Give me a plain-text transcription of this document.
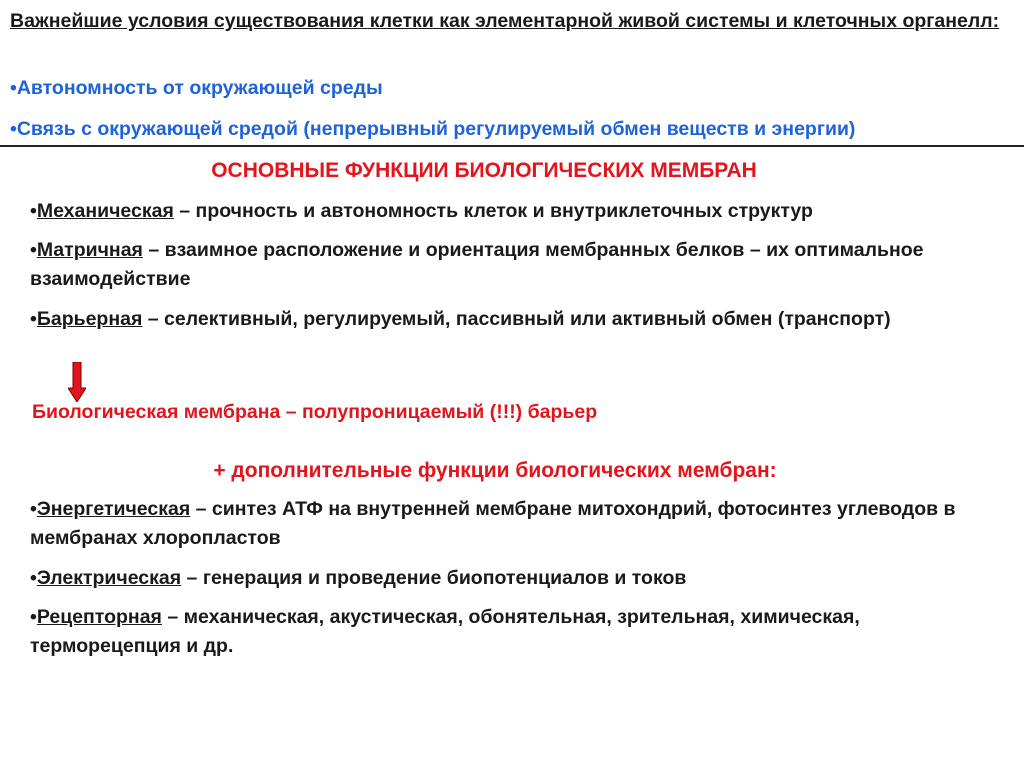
Важнейшие условия существования клетки как элементарной живой системы и клеточных органелл:
•Автономность от окружающей среды
•Связь с окружающей средой (непрерывный регулируемый обмен веществ и энергии)
ОСНОВНЫЕ ФУНКЦИИ БИОЛОГИЧЕСКИХ МЕМБРАН
•Механическая – прочность и автономность клеток и внутриклеточных структур
•Матричная – взаимное расположение и ориентация мембранных белков – их оптимальное взаимодействие
•Барьерная – селективный, регулируемый, пассивный или активный обмен (транспорт)
Биологическая мембрана – полупроницаемый (!!!) барьер
+ дополнительные функции биологических мембран:
•Энергетическая – синтез АТФ на внутренней мембране митохондрий, фотосинтез углеводов в мембранах хлоропластов
•Электрическая – генерация и проведение биопотенциалов и токов
•Рецепторная – механическая, акустическая, обонятельная, зрительная, химическая, терморецепция и др.
